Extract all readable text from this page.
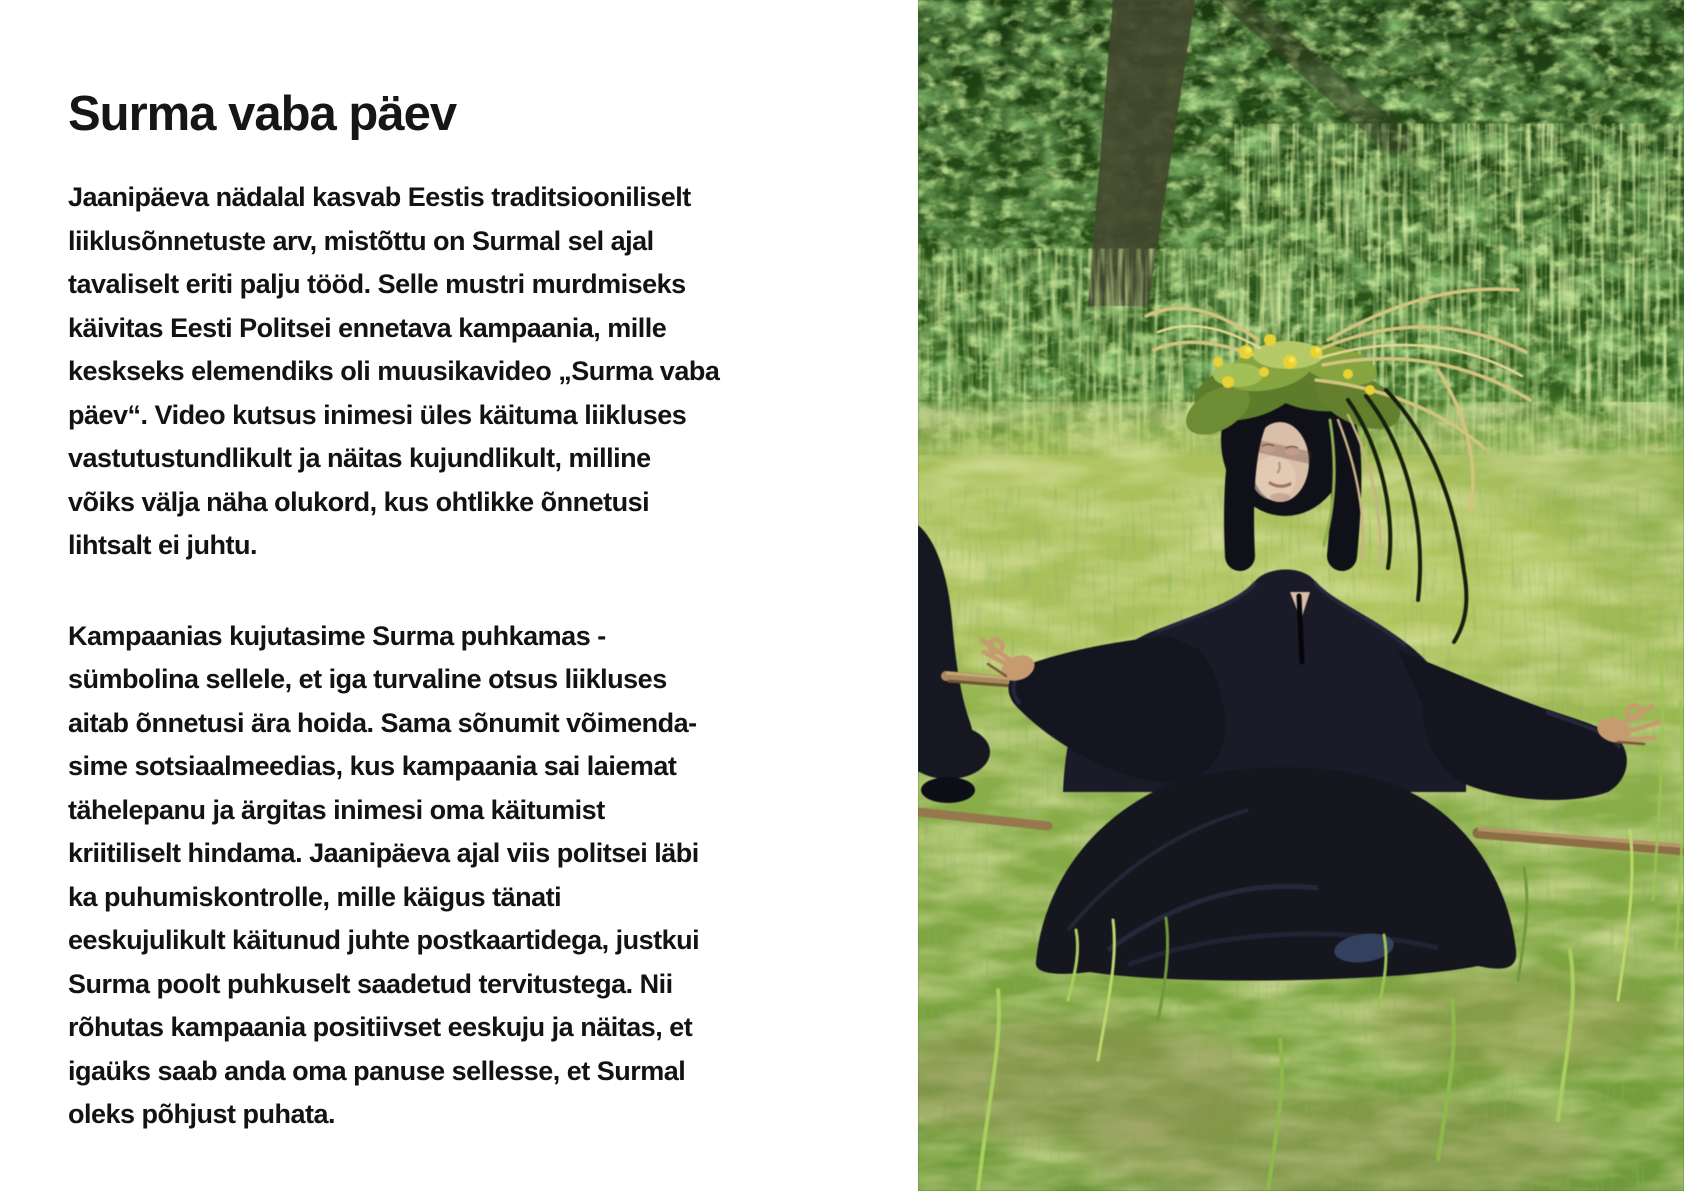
Surma vaba päev
Jaanipäeva nädalal kasvab Eestis traditsiooniliselt
liiklusõnnetuste arv, mistõttu on Surmal sel ajal
tavaliselt eriti palju tööd. Selle mustri murdmiseks
käivitas Eesti Politsei ennetava kampaania, mille
keskseks elemendiks oli muusikavideo „Surma vaba
päev“. Video kutsus inimesi üles käituma liikluses
vastutustundlikult ja näitas kujundlikult, milline
võiks välja näha olukord, kus ohtlikke õnnetusi
lihtsalt ei juhtu.
Kampaanias kujutasime Surma puhkamas -
sümbolina sellele, et iga turvaline otsus liikluses
aitab õnnetusi ära hoida. Sama sõnumit võimenda-
sime sotsiaalmeedias, kus kampaania sai laiemat
tähelepanu ja ärgitas inimesi oma käitumist
kriitiliselt hindama. Jaanipäeva ajal viis politsei läbi
ka puhumiskontrolle, mille käigus tänati
eeskujulikult käitunud juhte postkaartidega, justkui
Surma poolt puhkuselt saadetud tervitustega. Nii
rõhutas kampaania positiivset eeskuju ja näitas, et
igaüks saab anda oma panuse sellesse, et Surmal
oleks põhjust puhata.
